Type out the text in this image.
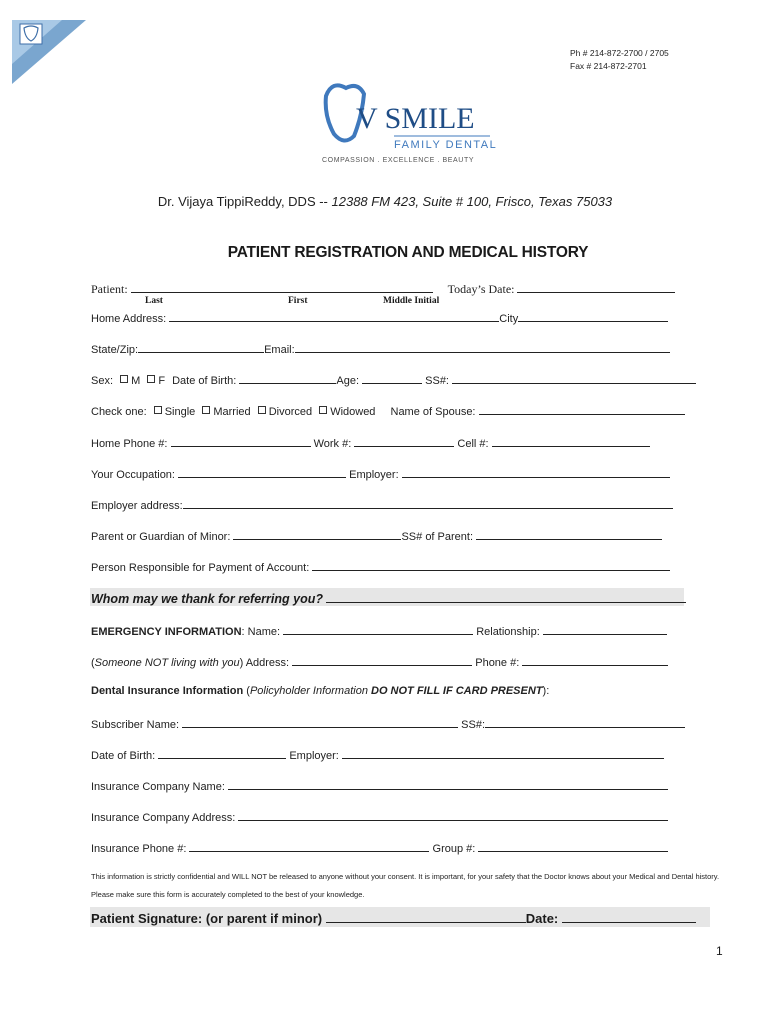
Ph # 214-872-2700 / 2705
Fax # 214-872-2701
V SMILE
FAMILY DENTAL
COMPASSION . EXCELLENCE . BEAUTY
Dr. Vijaya TippiReddy, DDS -- 12388 FM 423, Suite # 100, Frisco, Texas 75033
PATIENT REGISTRATION AND MEDICAL HISTORY
Patient:	Today’s Date:
Last	First	Middle Initial
Home Address:	City
State/Zip:	Email:
Sex: M F Date of Birth:	Age:	SS#:
Check one: Single Married Divorced Widowed Name of Spouse:
Home Phone #:	Work #:	Cell #:
Your Occupation:	Employer:
Employer address:
Parent or Guardian of Minor:	SS# of Parent:
Person Responsible for Payment of Account:
Whom may we thank for referring you?
EMERGENCY INFORMATION: Name:	Relationship:
(Someone NOT living with you) Address:	Phone #:
Dental Insurance Information (Policyholder Information DO NOT FILL IF CARD PRESENT):
Subscriber Name:	SS#:
Date of Birth:	Employer:
Insurance Company Name:
Insurance Company Address:
Insurance Phone #:	Group #:
This information is strictly confidential and WILL NOT be released to anyone without your consent. It is important, for your safety that the Doctor knows about your Medical and Dental history. Please make sure this form is accurately completed to the best of your knowledge.
Patient Signature: (or parent if minor)	Date:
1
